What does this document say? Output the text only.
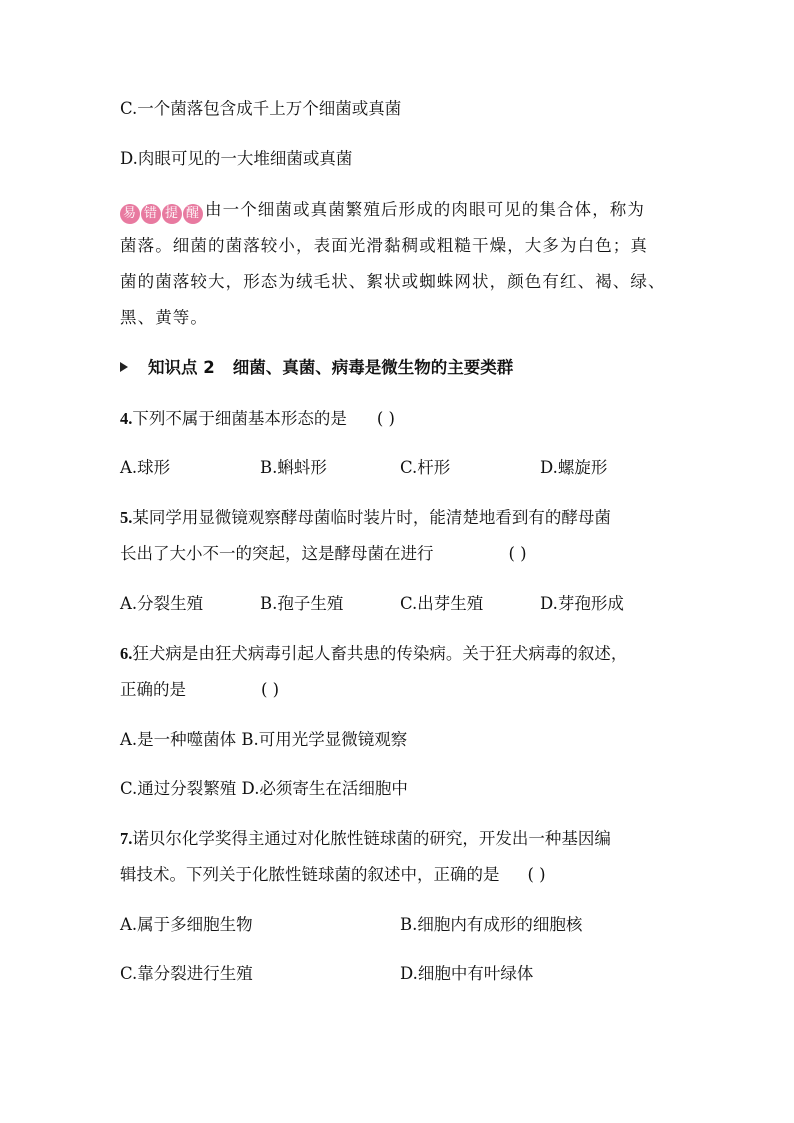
C.一个菌落包含成千上万个细菌或真菌
D.肉眼可见的一大堆细菌或真菌
易 错 提 醒 由一个细菌或真菌繁殖后形成的肉眼可见的集合体，称为
菌落。细菌的菌落较小，表面光滑黏稠或粗糙干燥，大多为白色；真
菌的菌落较大，形态为绒毛状、絮状或蜘蛛网状，颜色有红、褐、绿、
黑、黄等。
知识点 2 细菌、真菌、病毒是微生物的主要类群
4.下列不属于细菌基本形态的是 ( )
A.球形	B.蝌蚪形	C.杆形	D.螺旋形
5.某同学用显微镜观察酵母菌临时装片时，能清楚地看到有的酵母菌
长出了大小不一的突起，这是酵母菌在进行	( )
A.分裂生殖	B.孢子生殖	C.出芽生殖	D.芽孢形成
6.狂犬病是由狂犬病毒引起人畜共患的传染病。关于狂犬病毒的叙述，
正确的是	( )
A.是一种噬菌体 B.可用光学显微镜观察
C.通过分裂繁殖 D.必须寄生在活细胞中
7.诺贝尔化学奖得主通过对化脓性链球菌的研究，开发出一种基因编
辑技术。下列关于化脓性链球菌的叙述中，正确的是 ( )
A.属于多细胞生物	B.细胞内有成形的细胞核
C.靠分裂进行生殖	D.细胞中有叶绿体
